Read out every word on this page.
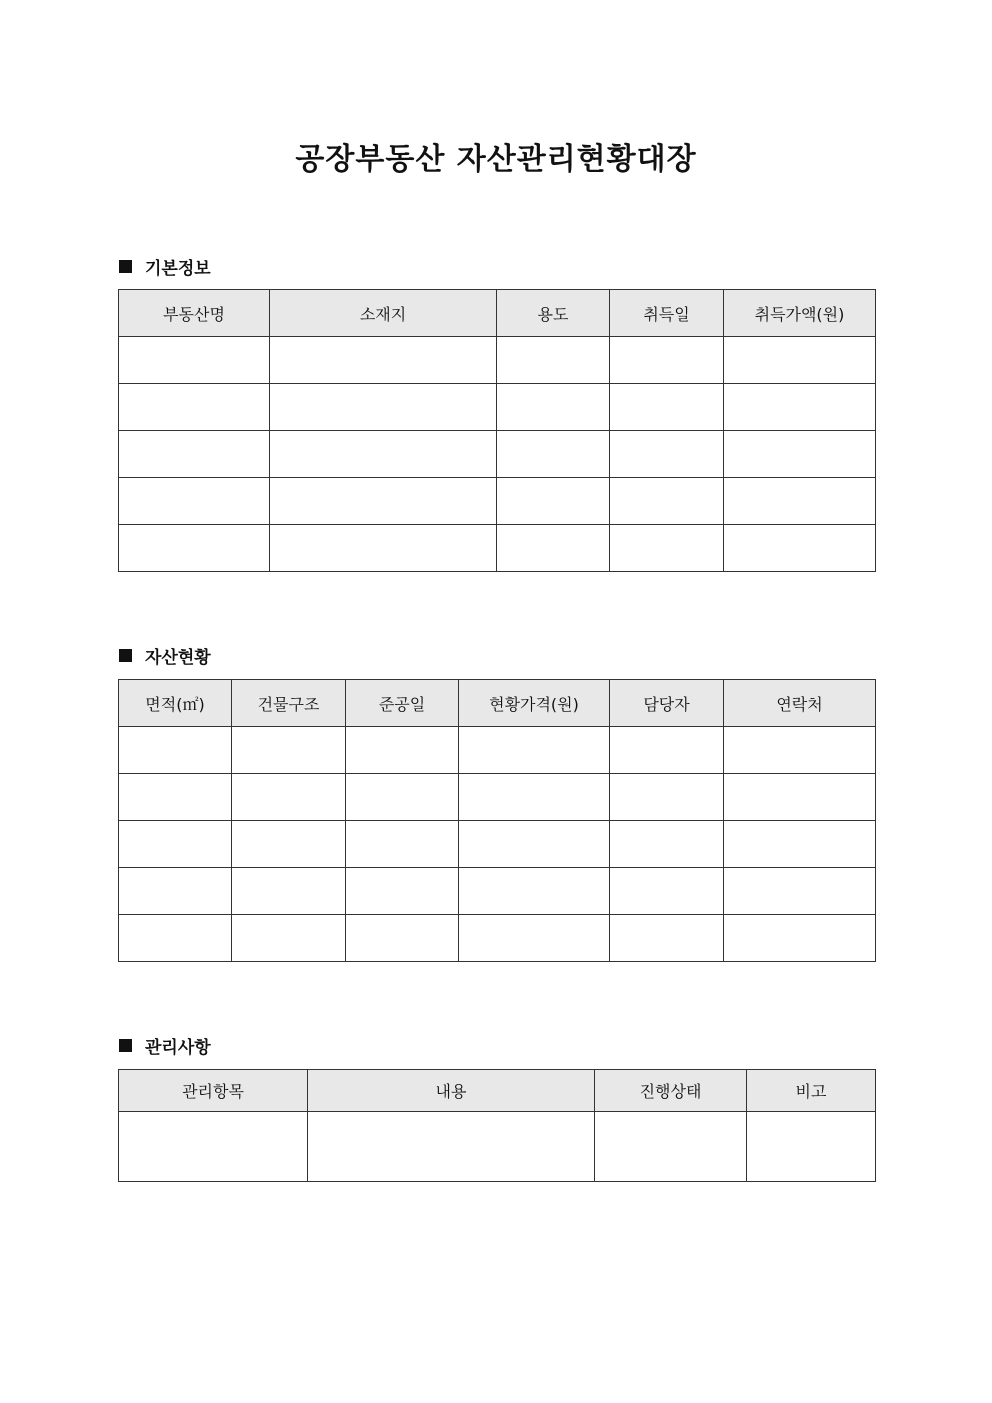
공장부동산 자산관리현황대장
기본정보
부동산명	소재지	용도	취득일	취득가액(원)

자산현황
면적(㎡)	건물구조	준공일	현황가격(원)	담당자	연락처

관리사항
관리항목	내용	진행상태	비고
